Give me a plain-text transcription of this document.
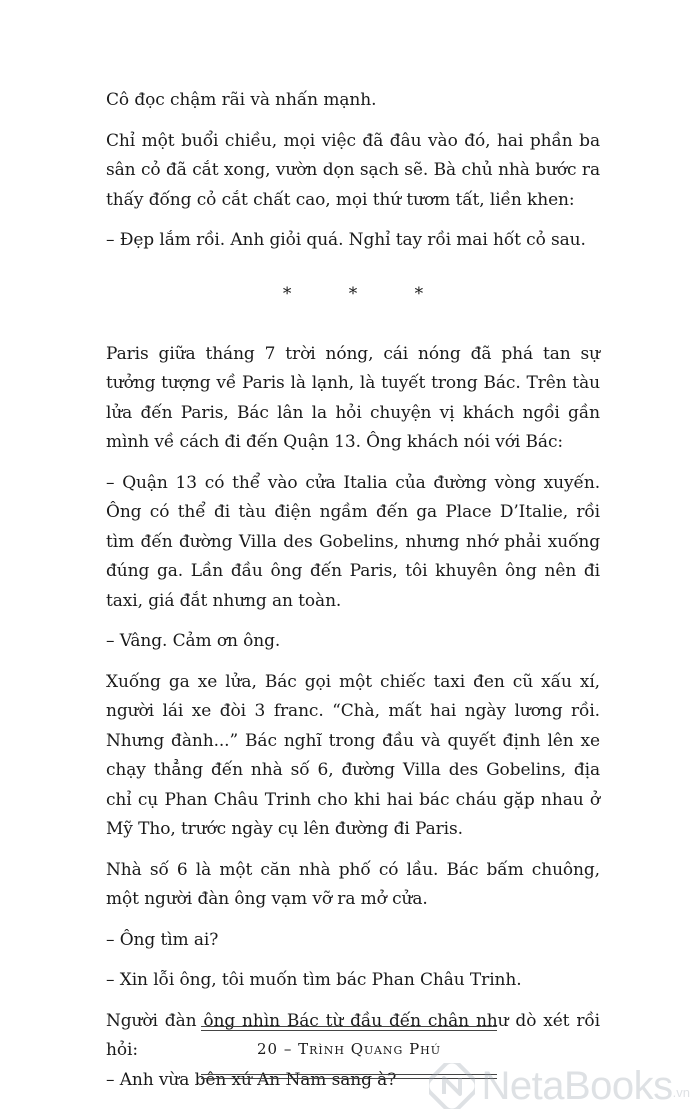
Cô đọc chậm rãi và nhấn mạnh.

Chỉ một buổi chiều, mọi việc đã đâu vào đó, hai phần ba sân cỏ đã cắt xong, vườn dọn sạch sẽ. Bà chủ nhà bước ra thấy đống cỏ cắt chất cao, mọi thứ tươm tất, liền khen:

– Đẹp lắm rồi. Anh giỏi quá. Nghỉ tay rồi mai hốt cỏ sau.

* * *

Paris giữa tháng 7 trời nóng, cái nóng đã phá tan sự tưởng tượng về Paris là lạnh, là tuyết trong Bác. Trên tàu lửa đến Paris, Bác lân la hỏi chuyện vị khách ngồi gần mình về cách đi đến Quận 13. Ông khách nói với Bác:

– Quận 13 có thể vào cửa Italia của đường vòng xuyến. Ông có thể đi tàu điện ngầm đến ga Place D’Italie, rồi tìm đến đường Villa des Gobelins, nhưng nhớ phải xuống đúng ga. Lần đầu ông đến Paris, tôi khuyên ông nên đi taxi, giá đắt nhưng an toàn.

– Vâng. Cảm ơn ông.

Xuống ga xe lửa, Bác gọi một chiếc taxi đen cũ xấu xí, người lái xe đòi 3 franc. “Chà, mất hai ngày lương rồi. Nhưng đành...” Bác nghĩ trong đầu và quyết định lên xe chạy thẳng đến nhà số 6, đường Villa des Gobelins, địa chỉ cụ Phan Châu Trinh cho khi hai bác cháu gặp nhau ở Mỹ Tho, trước ngày cụ lên đường đi Paris.

Nhà số 6 là một căn nhà phố có lầu. Bác bấm chuông, một người đàn ông vạm vỡ ra mở cửa.

– Ông tìm ai?

– Xin lỗi ông, tôi muốn tìm bác Phan Châu Trinh.

Người đàn ông nhìn Bác từ đầu đến chân như dò xét rồi hỏi:

– Anh vừa bên xứ An Nam sang à?

20 – Trình Quang Phú
NetaBooks .vn
